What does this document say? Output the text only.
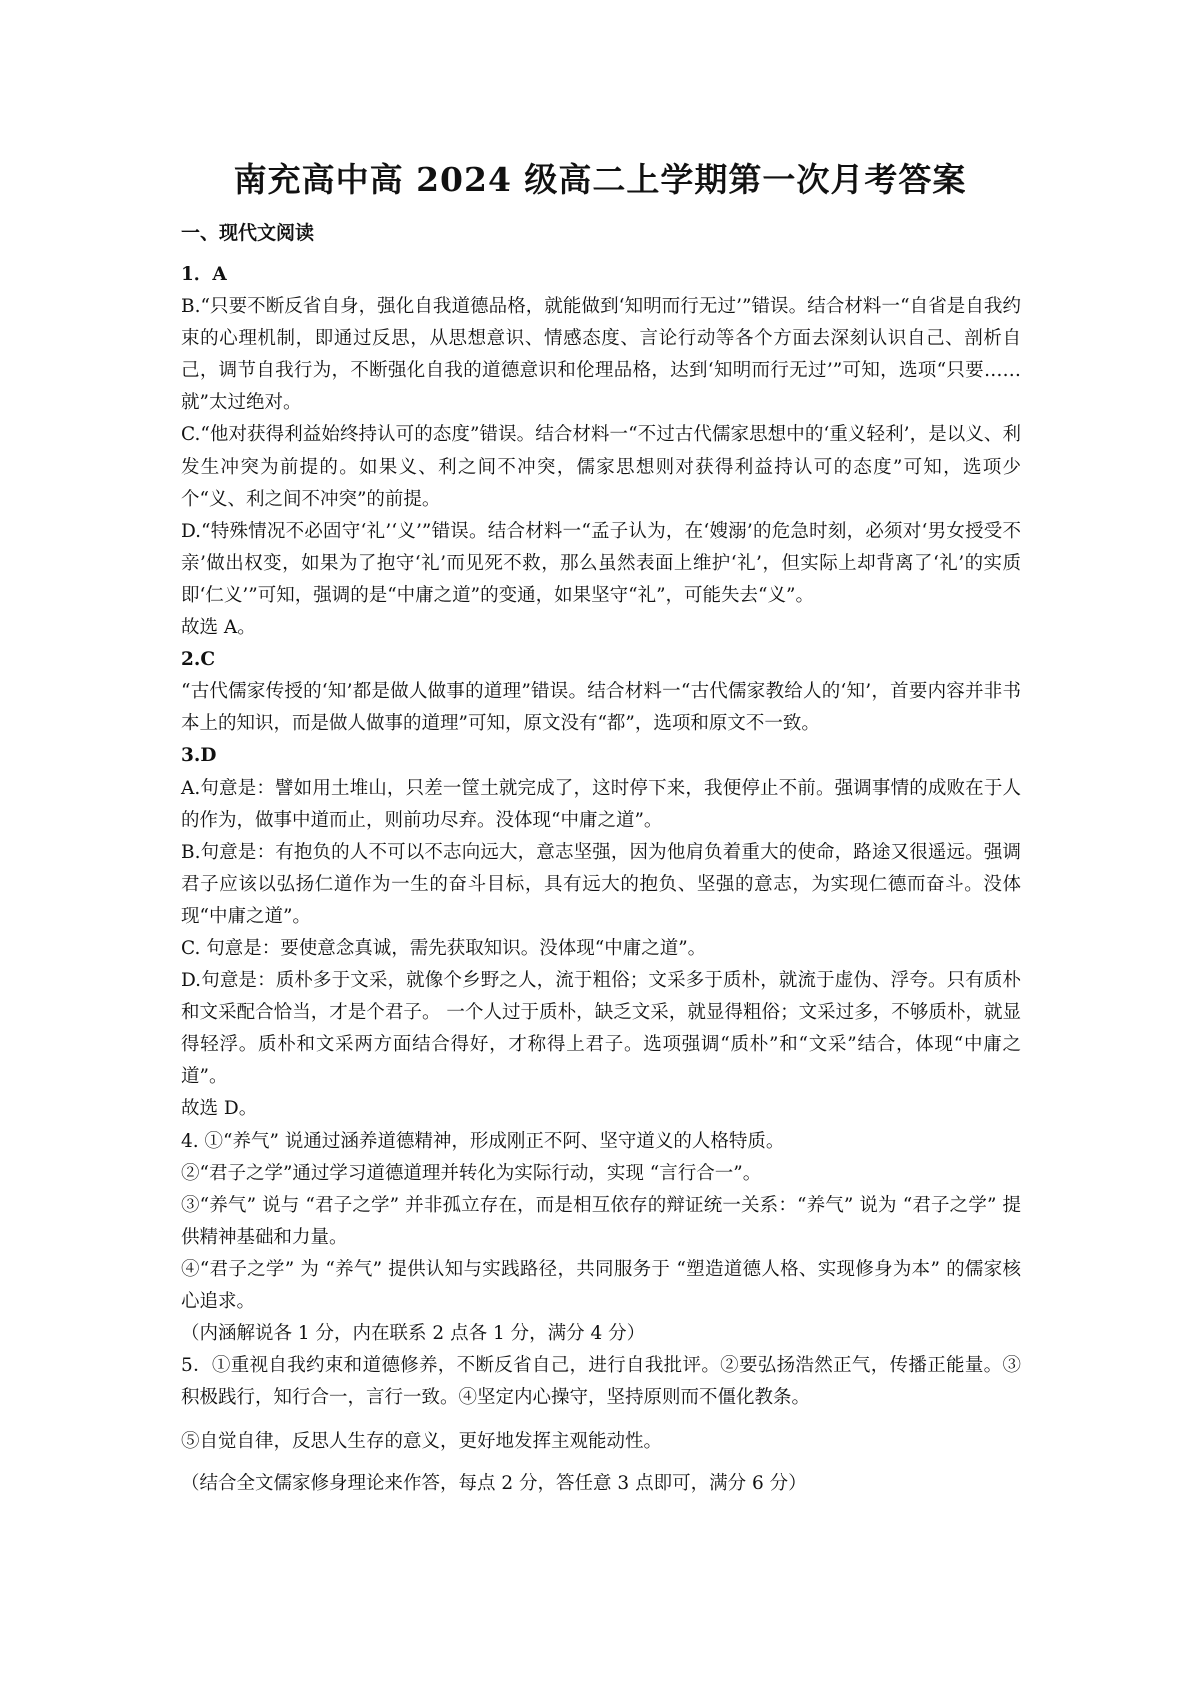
南充高中高 2024 级高二上学期第一次月考答案
一、现代文阅读

1．A

B.“只要不断反省自身，强化自我道德品格，就能做到‘知明而行无过’”错误。结合材料一“自省是自我约束的心理机制，即通过反思，从思想意识、情感态度、言论行动等各个方面去深刻认识自己、剖析自己，调节自我行为，不断强化自我的道德意识和伦理品格，达到‘知明而行无过’”可知，选项“只要……就”太过绝对。

C.“他对获得利益始终持认可的态度”错误。结合材料一“不过古代儒家思想中的‘重义轻利’，是以义、利发生冲突为前提的。如果义、利之间不冲突，儒家思想则对获得利益持认可的态度”可知，选项少个“义、利之间不冲突”的前提。

D.“特殊情况不必固守‘礼’‘义’”错误。结合材料一“孟子认为，在‘嫂溺’的危急时刻，必须对‘男女授受不亲’做出权变，如果为了抱守‘礼’而见死不救，那么虽然表面上维护‘礼’，但实际上却背离了‘礼’的实质即‘仁义’”可知，强调的是“中庸之道”的变通，如果坚守“礼”，可能失去“义”。

故选 A。

2.C

“古代儒家传授的‘知’都是做人做事的道理”错误。结合材料一“古代儒家教给人的‘知’，首要内容并非书本上的知识，而是做人做事的道理”可知，原文没有“都”，选项和原文不一致。

3.D

A.句意是：譬如用土堆山，只差一筐土就完成了，这时停下来，我便停止不前。强调事情的成败在于人的作为，做事中道而止，则前功尽弃。没体现“中庸之道”。

B.句意是：有抱负的人不可以不志向远大，意志坚强，因为他肩负着重大的使命，路途又很遥远。强调君子应该以弘扬仁道作为一生的奋斗目标，具有远大的抱负、坚强的意志，为实现仁德而奋斗。没体现“中庸之道”。

C. 句意是：要使意念真诚，需先获取知识。没体现“中庸之道”。

D.句意是：质朴多于文采，就像个乡野之人，流于粗俗；文采多于质朴，就流于虚伪、浮夸。只有质朴和文采配合恰当，才是个君子。 一个人过于质朴，缺乏文采，就显得粗俗；文采过多，不够质朴，就显得轻浮。质朴和文采两方面结合得好，才称得上君子。选项强调“质朴”和“文采”结合，体现“中庸之道”。

故选 D。

4. ①“养气” 说通过涵养道德精神，形成刚正不阿、坚守道义的人格特质。

②“君子之学”通过学习道德道理并转化为实际行动，实现 “言行合一”。

③“养气” 说与 “君子之学” 并非孤立存在，而是相互依存的辩证统一关系：“养气” 说为 “君子之学” 提供精神基础和力量。

④“君子之学” 为 “养气” 提供认知与实践路径，共同服务于 “塑造道德人格、实现修身为本” 的儒家核心追求。

（内涵解说各 1 分，内在联系 2 点各 1 分，满分 4 分）

5．①重视自我约束和道德修养，不断反省自己，进行自我批评。②要弘扬浩然正气，传播正能量。③积极践行，知行合一，言行一致。④坚定内心操守，坚持原则而不僵化教条。

⑤自觉自律，反思人生存的意义，更好地发挥主观能动性。

（结合全文儒家修身理论来作答，每点 2 分，答任意 3 点即可，满分 6 分）
